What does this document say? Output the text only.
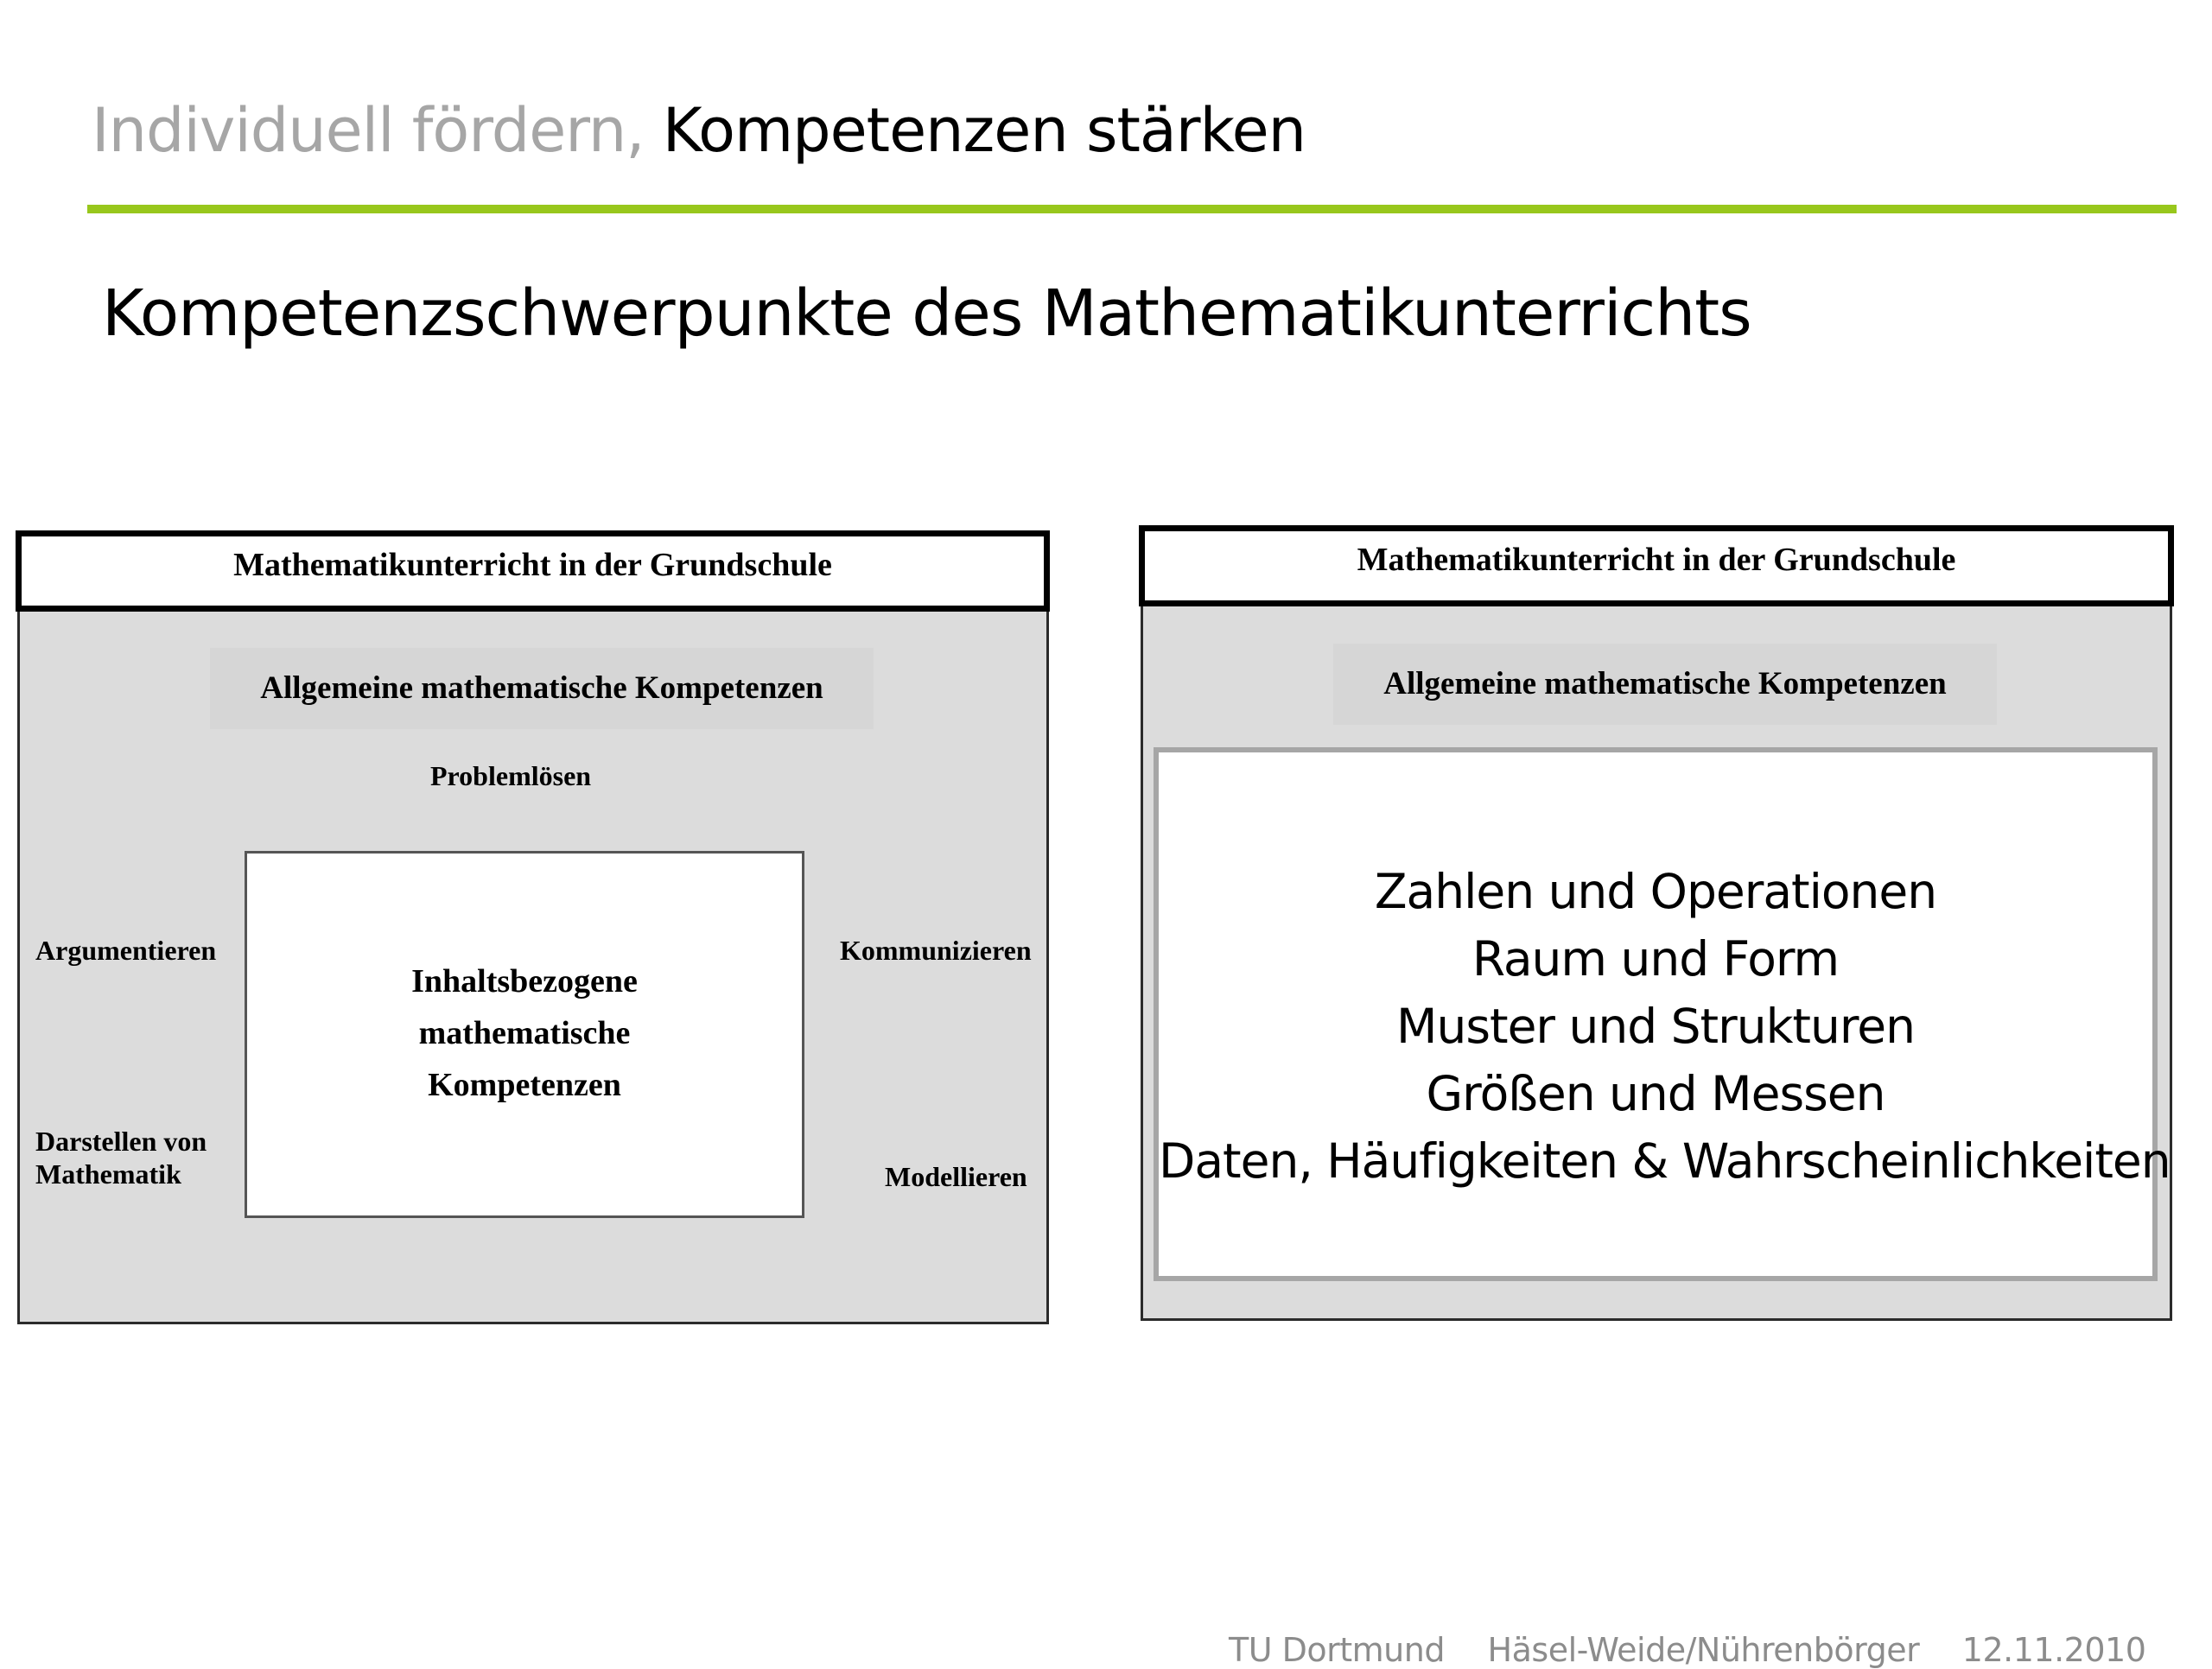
Individuell fördern, Kompetenzen stärken
Kompetenzschwerpunkte des Mathematikunterrichts
Mathematikunterricht in der Grundschule
Allgemeine mathematische Kompetenzen
Problemlösen
Argumentieren	Kommunizieren
Darstellen von
Mathematik	Modellieren
Inhaltsbezogene
mathematische
Kompetenzen
Mathematikunterricht in der Grundschule
Allgemeine mathematische Kompetenzen
Zahlen und Operationen
Raum und Form
Muster und Strukturen
Größen und Messen
Daten, Häufigkeiten & Wahrscheinlichkeiten
TU Dortmund Häsel-Weide/Nührenbörger 12.11.2010
